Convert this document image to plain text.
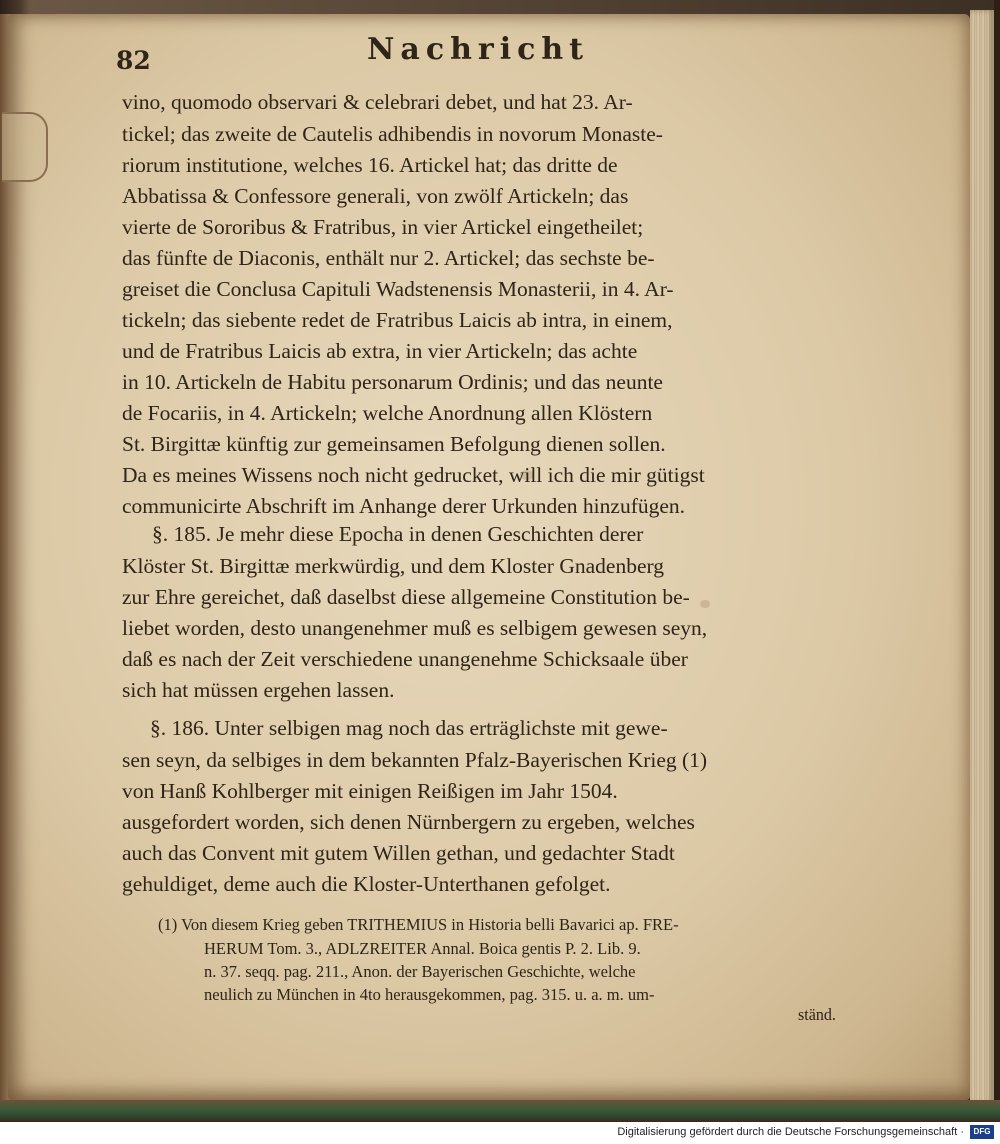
82	Nachricht
vino, quomodo observari & celebrari debet, und hat 23. Ar-
tickel; das zweite de Cautelis adhibendis in novorum Monaste-
riorum institutione, welches 16. Artickel hat; das dritte de
Abbatissa & Confessore generali, von zwölf Artickeln; das
vierte de Sororibus & Fratribus, in vier Artickel eingetheilet;
das fünfte de Diaconis, enthält nur 2. Artickel; das sechste be-
greiset die Conclusa Capituli Wadstenensis Monasterii, in 4. Ar-
tickeln; das siebente redet de Fratribus Laicis ab intra, in einem,
und de Fratribus Laicis ab extra, in vier Artickeln; das achte
in 10. Artickeln de Habitu personarum Ordinis; und das neunte
de Focariis, in 4. Artickeln; welche Anordnung allen Klöstern
St. Birgittæ künftig zur gemeinsamen Befolgung dienen sollen.
Da es meines Wissens noch nicht gedrucket, will ich die mir gütigst
communicirte Abschrift im Anhange derer Urkunden hinzufügen.
§. 185. Je mehr diese Epocha in denen Geschichten derer
Klöster St. Birgittæ merkwürdig, und dem Kloster Gnadenberg
zur Ehre gereichet, daß daselbst diese allgemeine Constitution be-
liebet worden, desto unangenehmer muß es selbigem gewesen seyn,
daß es nach der Zeit verschiedene unangenehme Schicksaale über
sich hat müssen ergehen lassen.
§. 186. Unter selbigen mag noch das erträglichste mit gewe-
sen seyn, da selbiges in dem bekannten Pfalz-Bayerischen Krieg (1)
von Hanß Kohlberger mit einigen Reißigen im Jahr 1504.
ausgefordert worden, sich denen Nürnbergern zu ergeben, welches
auch das Convent mit gutem Willen gethan, und gedachter Stadt
gehuldiget, deme auch die Kloster-Unterthanen gefolget.
(1) Von diesem Krieg geben TRITHEMIUS in Historia belli Bavarici ap. FRE-
HERUM Tom. 3., ADLZREITER Annal. Boica gentis P. 2. Lib. 9.
n. 37. seqq. pag. 211., Anon. der Bayerischen Geschichte, welche
neulich zu München in 4to herausgekommen, pag. 315. u. a. m. um-
ständ.
Digitalisierung gefördert durch die Deutsche Forschungsgemeinschaft ·	DFG
